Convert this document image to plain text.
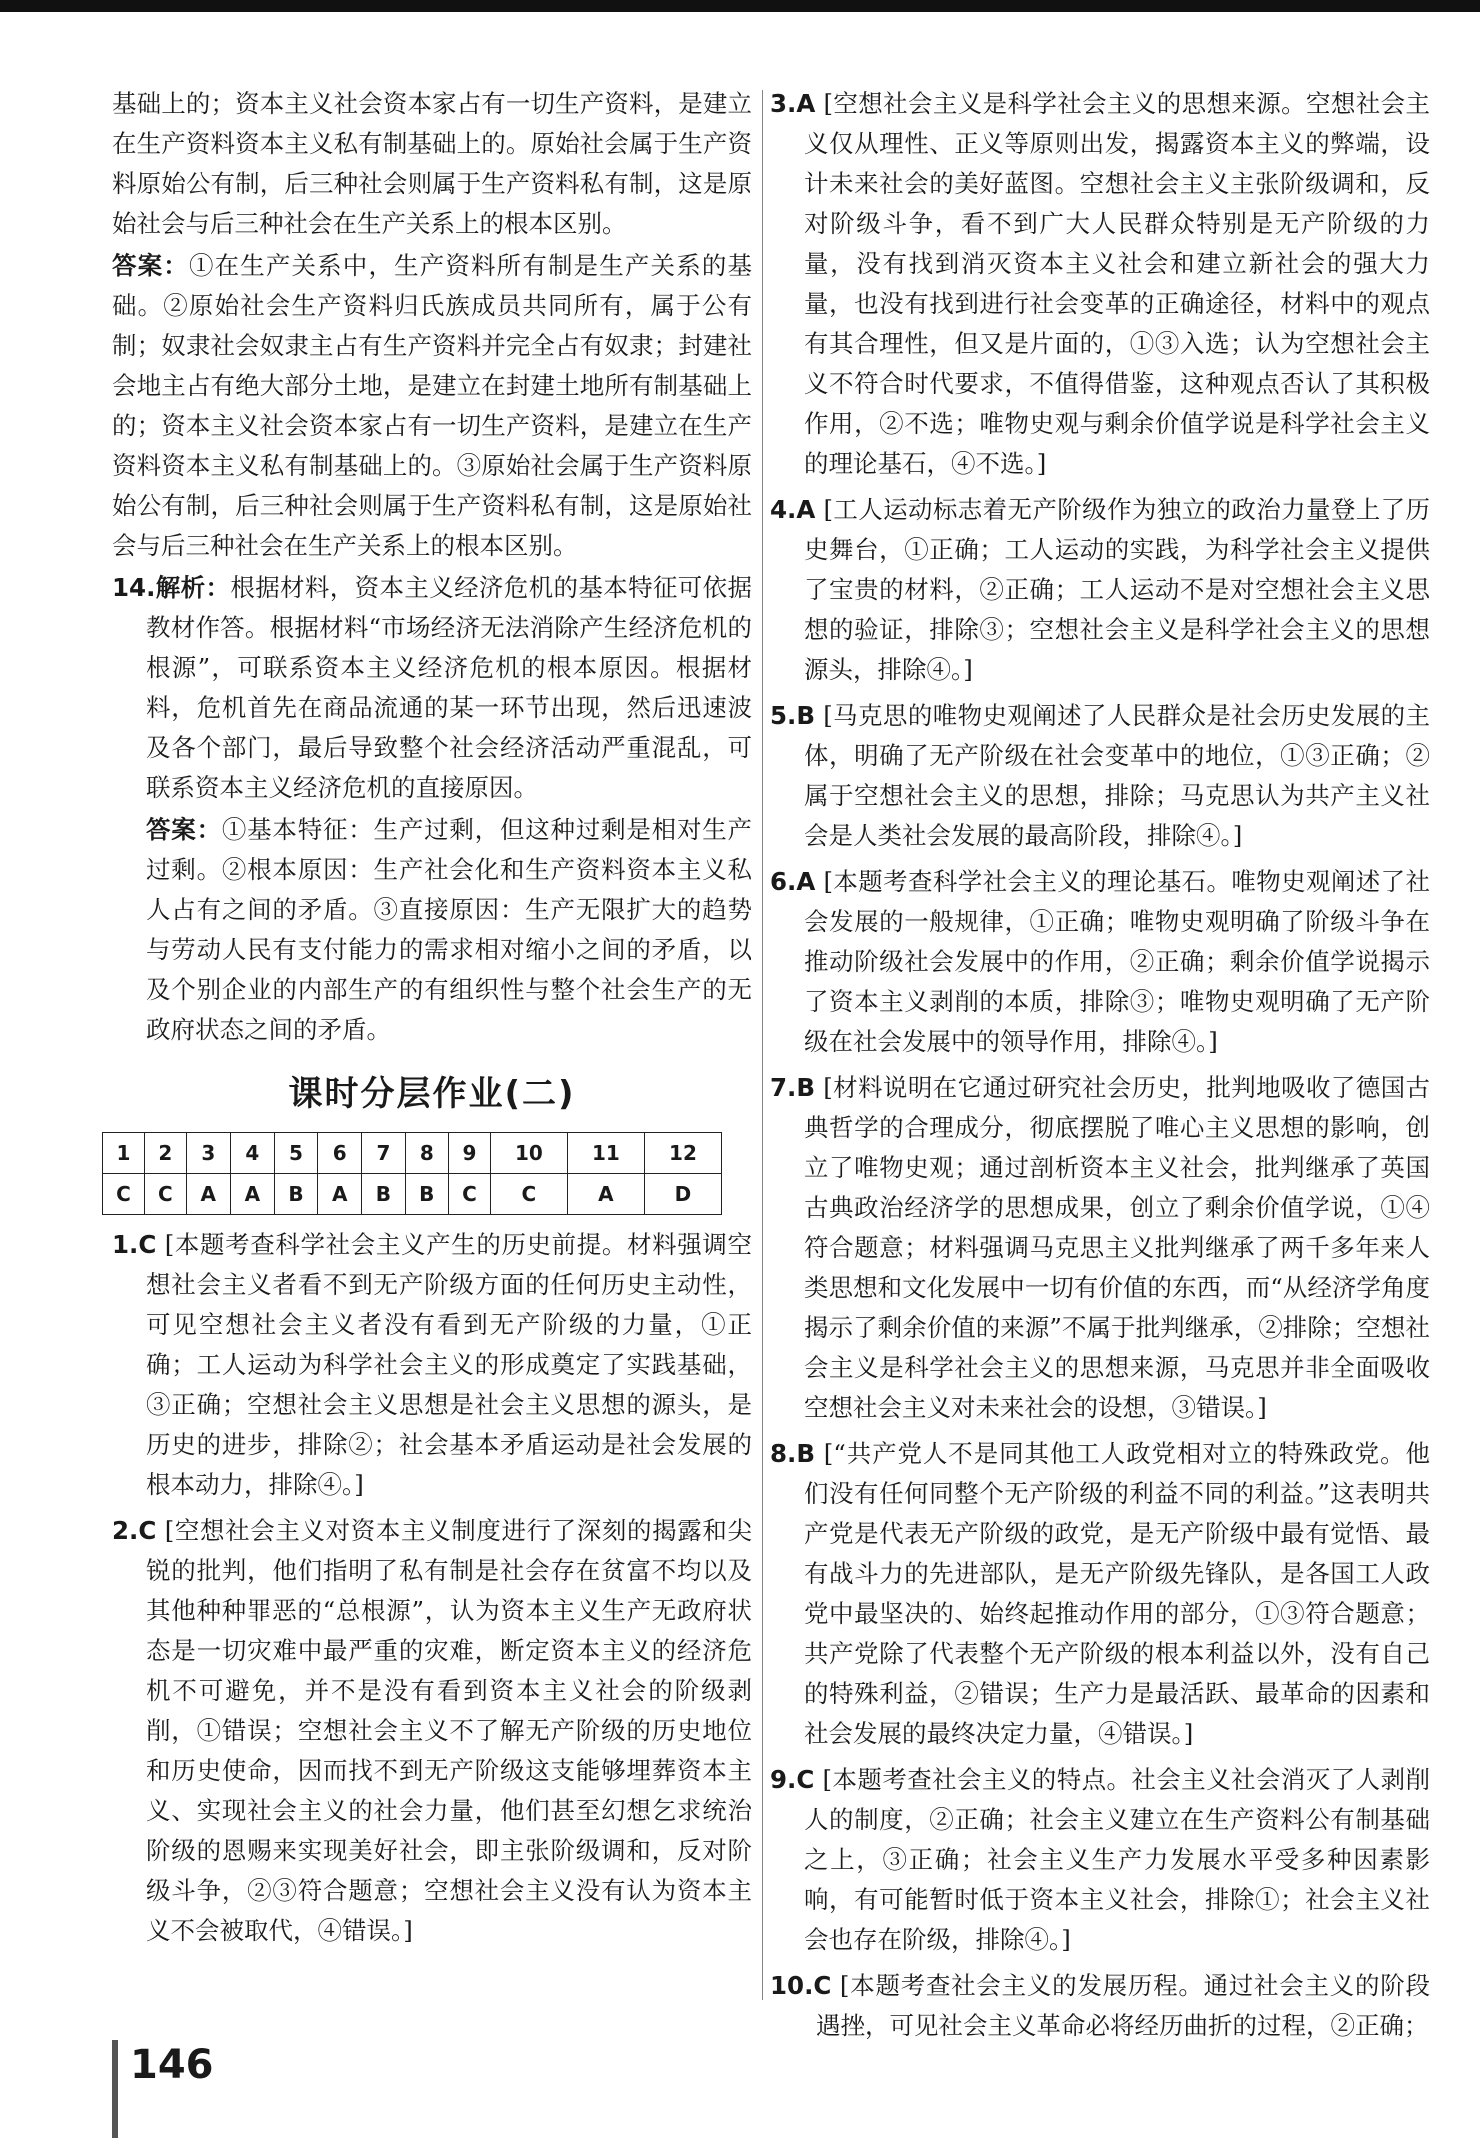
基础上的；资本主义社会资本家占有一切生产资料，是建立在生产资料资本主义私有制基础上的。原始社会属于生产资料原始公有制，后三种社会则属于生产资料私有制，这是原始社会与后三种社会在生产关系上的根本区别。

答案：①在生产关系中，生产资料所有制是生产关系的基础。②原始社会生产资料归氏族成员共同所有，属于公有制；奴隶社会奴隶主占有生产资料并完全占有奴隶；封建社会地主占有绝大部分土地，是建立在封建土地所有制基础上的；资本主义社会资本家占有一切生产资料，是建立在生产资料资本主义私有制基础上的。③原始社会属于生产资料原始公有制，后三种社会则属于生产资料私有制，这是原始社会与后三种社会在生产关系上的根本区别。

14.解析：根据材料，资本主义经济危机的基本特征可依据教材作答。根据材料“市场经济无法消除产生经济危机的根源”，可联系资本主义经济危机的根本原因。根据材料，危机首先在商品流通的某一环节出现，然后迅速波及各个部门，最后导致整个社会经济活动严重混乱，可联系资本主义经济危机的直接原因。

答案：①基本特征：生产过剩，但这种过剩是相对生产过剩。②根本原因：生产社会化和生产资料资本主义私人占有之间的矛盾。③直接原因：生产无限扩大的趋势与劳动人民有支付能力的需求相对缩小之间的矛盾，以及个别企业的内部生产的有组织性与整个社会生产的无政府状态之间的矛盾。

课时分层作业(二)
1	2	3	4	5	6	7	8	9	10	11	12
C	C	A	A	B	A	B	B	C	C	A	D

1.C [本题考查科学社会主义产生的历史前提。材料强调空想社会主义者看不到无产阶级方面的任何历史主动性，可见空想社会主义者没有看到无产阶级的力量，①正确；工人运动为科学社会主义的形成奠定了实践基础，③正确；空想社会主义思想是社会主义思想的源头，是历史的进步，排除②；社会基本矛盾运动是社会发展的根本动力，排除④。]

2.C [空想社会主义对资本主义制度进行了深刻的揭露和尖锐的批判，他们指明了私有制是社会存在贫富不均以及其他种种罪恶的“总根源”，认为资本主义生产无政府状态是一切灾难中最严重的灾难，断定资本主义的经济危机不可避免，并不是没有看到资本主义社会的阶级剥削，①错误；空想社会主义不了解无产阶级的历史地位和历史使命，因而找不到无产阶级这支能够埋葬资本主义、实现社会主义的社会力量，他们甚至幻想乞求统治阶级的恩赐来实现美好社会，即主张阶级调和，反对阶级斗争，②③符合题意；空想社会主义没有认为资本主义不会被取代，④错误。]

3.A [空想社会主义是科学社会主义的思想来源。空想社会主义仅从理性、正义等原则出发，揭露资本主义的弊端，设计未来社会的美好蓝图。空想社会主义主张阶级调和，反对阶级斗争，看不到广大人民群众特别是无产阶级的力量，没有找到消灭资本主义社会和建立新社会的强大力量，也没有找到进行社会变革的正确途径，材料中的观点有其合理性，但又是片面的，①③入选；认为空想社会主义不符合时代要求，不值得借鉴，这种观点否认了其积极作用，②不选；唯物史观与剩余价值学说是科学社会主义的理论基石，④不选。]

4.A [工人运动标志着无产阶级作为独立的政治力量登上了历史舞台，①正确；工人运动的实践，为科学社会主义提供了宝贵的材料，②正确；工人运动不是对空想社会主义思想的验证，排除③；空想社会主义是科学社会主义的思想源头，排除④。]

5.B [马克思的唯物史观阐述了人民群众是社会历史发展的主体，明确了无产阶级在社会变革中的地位，①③正确；②属于空想社会主义的思想，排除；马克思认为共产主义社会是人类社会发展的最高阶段，排除④。]

6.A [本题考查科学社会主义的理论基石。唯物史观阐述了社会发展的一般规律，①正确；唯物史观明确了阶级斗争在推动阶级社会发展中的作用，②正确；剩余价值学说揭示了资本主义剥削的本质，排除③；唯物史观明确了无产阶级在社会发展中的领导作用，排除④。]

7.B [材料说明在它通过研究社会历史，批判地吸收了德国古典哲学的合理成分，彻底摆脱了唯心主义思想的影响，创立了唯物史观；通过剖析资本主义社会，批判继承了英国古典政治经济学的思想成果，创立了剩余价值学说，①④符合题意；材料强调马克思主义批判继承了两千多年来人类思想和文化发展中一切有价值的东西，而“从经济学角度揭示了剩余价值的来源”不属于批判继承，②排除；空想社会主义是科学社会主义的思想来源，马克思并非全面吸收空想社会主义对未来社会的设想，③错误。]

8.B [“共产党人不是同其他工人政党相对立的特殊政党。他们没有任何同整个无产阶级的利益不同的利益。”这表明共产党是代表无产阶级的政党，是无产阶级中最有觉悟、最有战斗力的先进部队，是无产阶级先锋队，是各国工人政党中最坚决的、始终起推动作用的部分，①③符合题意；共产党除了代表整个无产阶级的根本利益以外，没有自己的特殊利益，②错误；生产力是最活跃、最革命的因素和社会发展的最终决定力量，④错误。]

9.C [本题考查社会主义的特点。社会主义社会消灭了人剥削人的制度，②正确；社会主义建立在生产资料公有制基础之上，③正确；社会主义生产力发展水平受多种因素影响，有可能暂时低于资本主义社会，排除①；社会主义社会也存在阶级，排除④。]

10.C [本题考查社会主义的发展历程。通过社会主义的阶段遇挫，可见社会主义革命必将经历曲折的过程，②正确；

146
